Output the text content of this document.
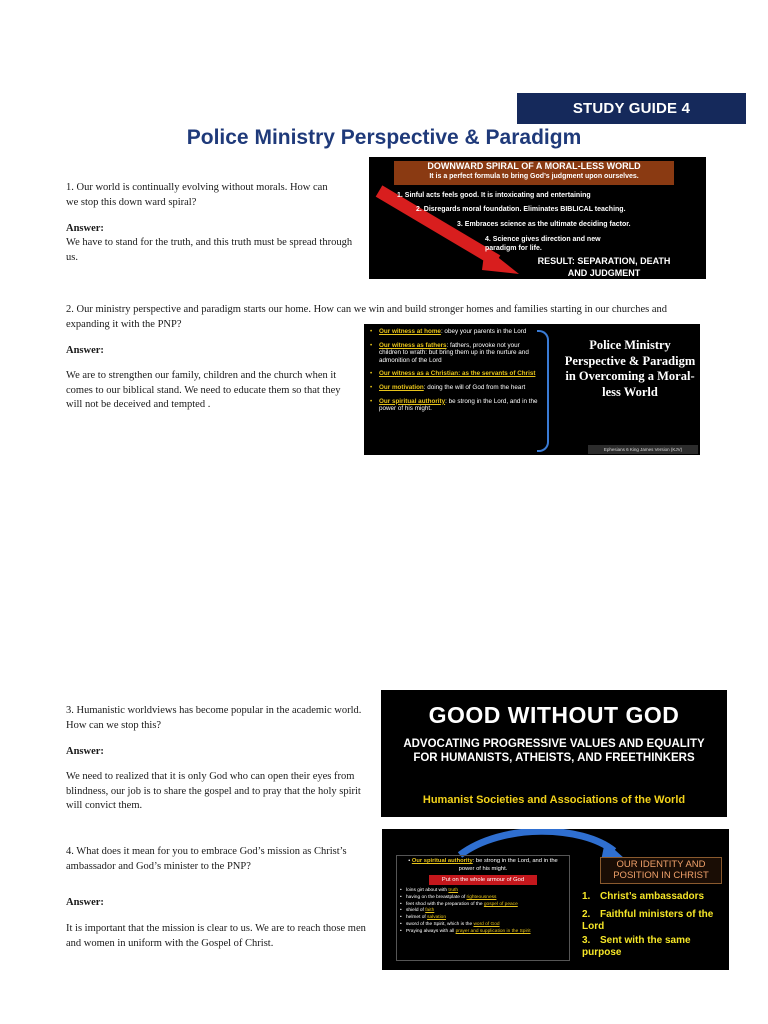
STUDY GUIDE 4
Police Ministry Perspective & Paradigm
1. Our world is continually evolving without morals. How can we stop this down ward spiral?
Answer:
We have to stand for the truth, and this truth must be spread through us.
DOWNWARD SPIRAL OF A MORAL-LESS WORLD
It is a perfect formula to bring God’s judgment upon ourselves.
1. Sinful acts feels good. It is intoxicating and entertaining
2. Disregards moral foundation. Eliminates BIBLICAL teaching.
3. Embraces science as the ultimate deciding factor.
4. Science gives direction and new paradigm for life.
RESULT: SEPARATION, DEATH AND JUDGMENT
2. Our ministry perspective and paradigm starts our home. How can we win and build stronger homes and families starting in our churches and expanding it with the PNP?
Answer:
We are to strengthen our family, children and the church when it comes to our biblical stand. We need to educate them so that they will not be deceived and tempted .
• Our witness at home: obey your parents in the Lord
• Our witness as fathers: fathers, provoke not your children to wrath: but bring them up in the nurture and admonition of the Lord
• Our witness as a Christian: as the servants of Christ
• Our motivation: doing the will of God from the heart
• Our spiritual authority: be strong in the Lord, and in the power of his might.
Police Ministry Perspective & Paradigm in Overcoming a Moral-less World
Ephesians 6 King James Version (KJV)
3. Humanistic worldviews has become popular in the academic world. How can we stop this?
Answer:
We need to realized that it is only God who can open their eyes from blindness, our job is to share the gospel and to pray that the holy spirit will convict them.
GOOD WITHOUT GOD
ADVOCATING PROGRESSIVE VALUES AND EQUALITY FOR HUMANISTS, ATHEISTS, AND FREETHINKERS
Humanist Societies and Associations of the World
4. What does it mean for you to embrace God’s mission as Christ’s ambassador and God’s minister to the PNP?
Answer:
It is important that the mission is clear to us. We are to reach those men and women in uniform with the Gospel of Christ.
• Our spiritual authority: be strong in the Lord, and in the power of his might.
Put on the whole armour of God
• loins girt about with truth
• having on the breastplate of righteousness
• feet shod with the preparation of the gospel of peace
• shield of faith
• helmet of salvation
• sword of the Spirit, which is the word of God
• Praying always with all prayer and supplication in the Spirit
OUR IDENTITY AND POSITION IN CHRIST
1. Christ’s ambassadors
2. Faithful ministers of the Lord
3. Sent with the same purpose
